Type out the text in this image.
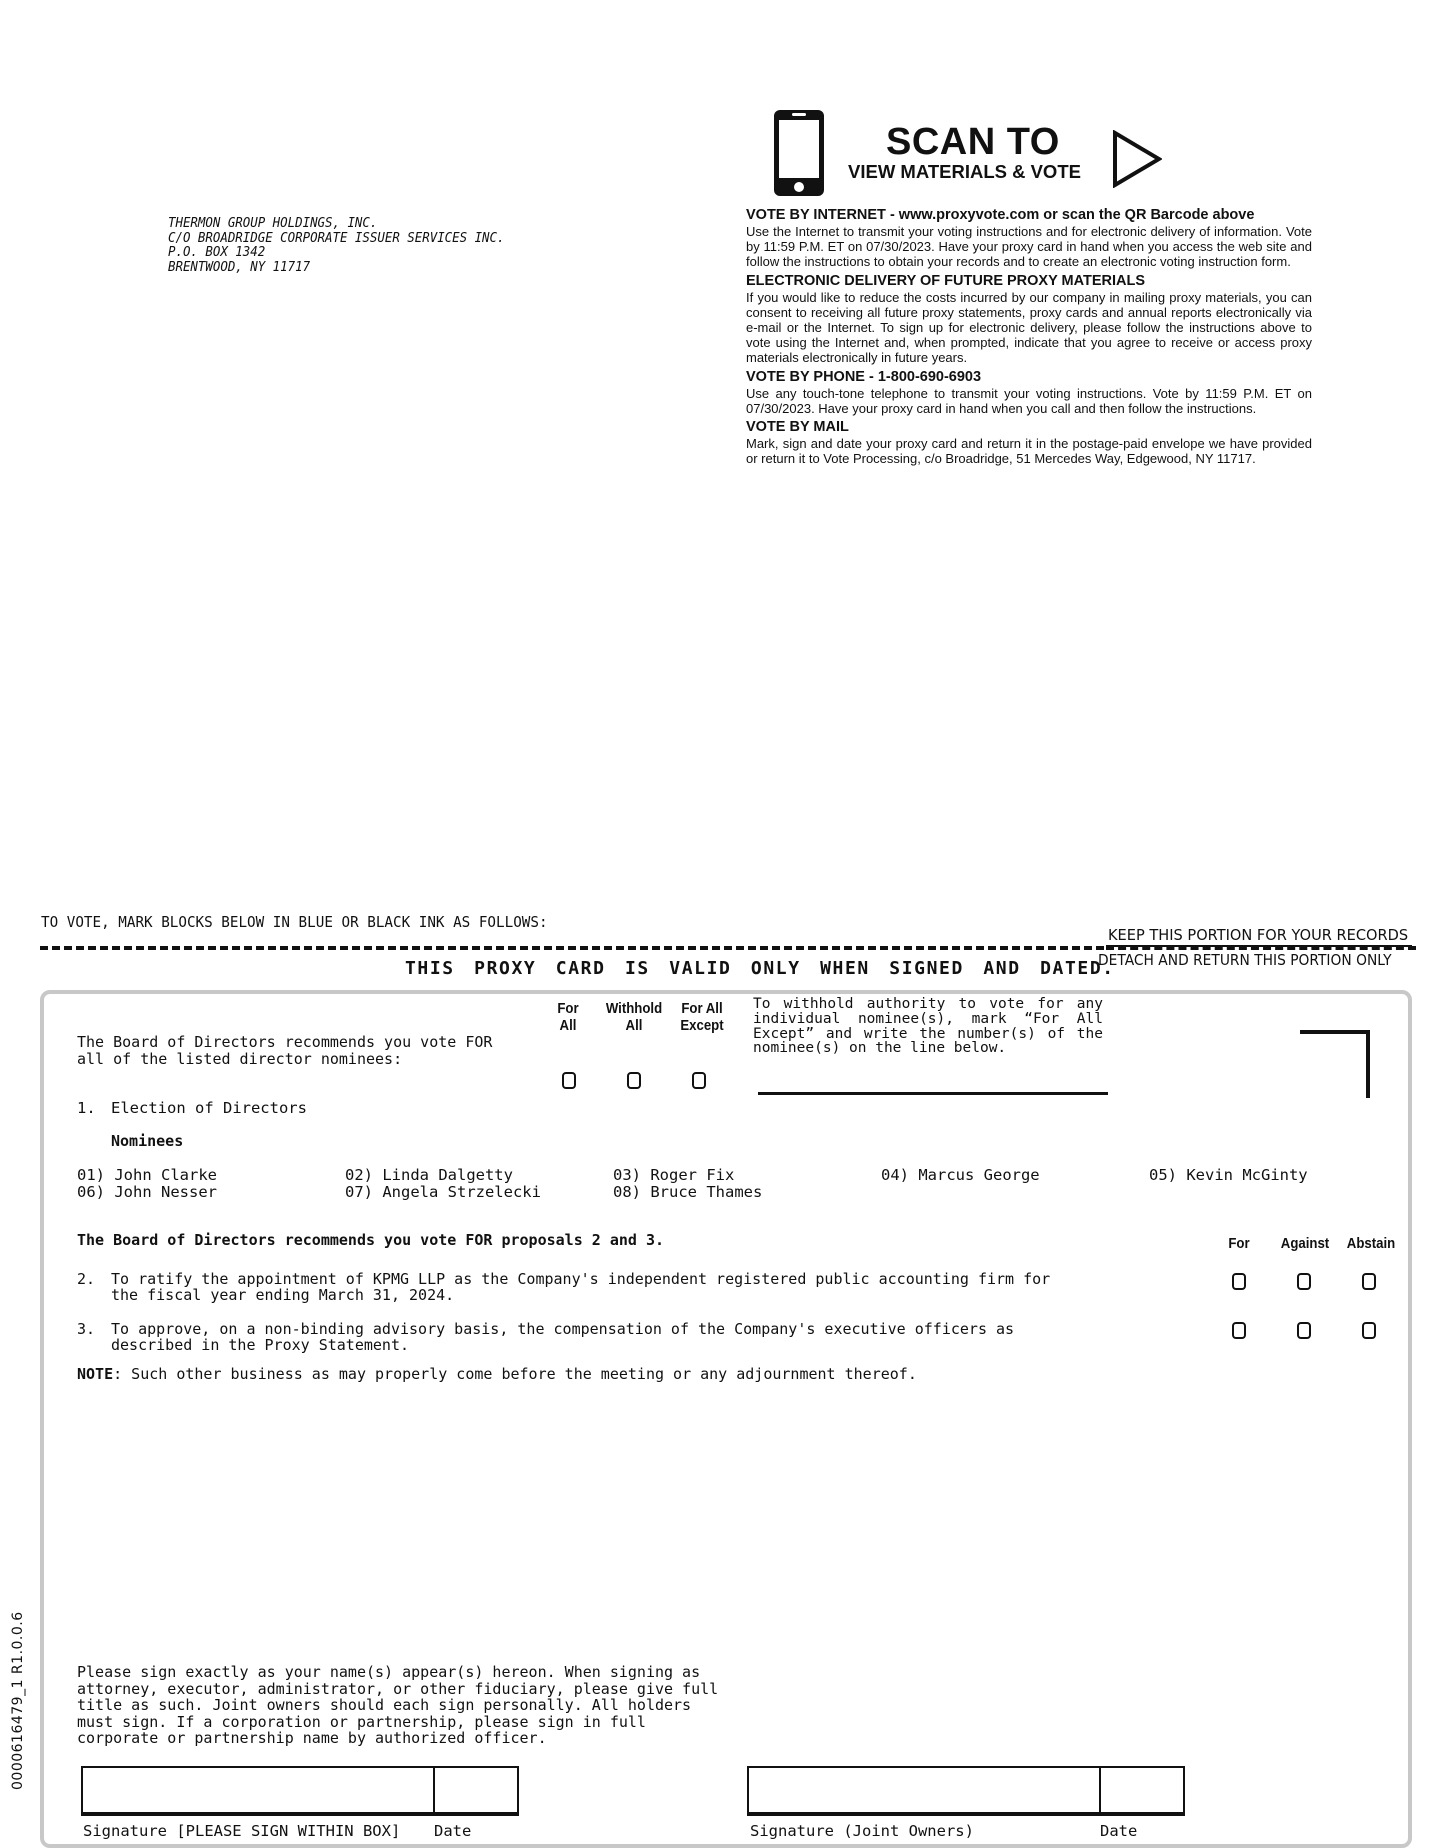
THERMON GROUP HOLDINGS, INC.
C/O BROADRIDGE CORPORATE ISSUER SERVICES INC.
P.O. BOX 1342
BRENTWOOD, NY 11717
SCAN TO
VIEW MATERIALS & VOTE
VOTE BY INTERNET - www.proxyvote.com or scan the QR Barcode above

Use the Internet to transmit your voting instructions and for electronic delivery of information. Vote by 11:59 P.M. ET on 07/30/2023. Have your proxy card in hand when you access the web site and follow the instructions to obtain your records and to create an electronic voting instruction form.

ELECTRONIC DELIVERY OF FUTURE PROXY MATERIALS

If you would like to reduce the costs incurred by our company in mailing proxy materials, you can consent to receiving all future proxy statements, proxy cards and annual reports electronically via e-mail or the Internet. To sign up for electronic delivery, please follow the instructions above to vote using the Internet and, when prompted, indicate that you agree to receive or access proxy materials electronically in future years.

VOTE BY PHONE - 1-800-690-6903

Use any touch-tone telephone to transmit your voting instructions. Vote by 11:59 P.M. ET on 07/30/2023. Have your proxy card in hand when you call and then follow the instructions.

VOTE BY MAIL

Mark, sign and date your proxy card and return it in the postage-paid envelope we have provided or return it to Vote Processing, c/o Broadridge, 51 Mercedes Way, Edgewood, NY 11717.

TO VOTE, MARK BLOCKS BELOW IN BLUE OR BLACK INK AS FOLLOWS:
KEEP THIS PORTION FOR YOUR RECORDS
DETACH AND RETURN THIS PORTION ONLY
THIS PROXY CARD IS VALID ONLY WHEN SIGNED AND DATED.
The Board of Directors recommends you vote FOR
all of the listed director nominees:
For
All
Withhold
All
For All
Except
To withhold authority to vote for any individual nominee(s), mark “For All Except” and write the number(s) of the nominee(s) on the line below.
1. Election of Directors
Nominees
01) John Clarke	02) Linda Dalgetty	03) Roger Fix	04) Marcus George	05) Kevin McGinty
06) John Nesser	07) Angela Strzelecki	08) Bruce Thames
The Board of Directors recommends you vote FOR proposals 2 and 3.	For	Against	Abstain
2. To ratify the appointment of KPMG LLP as the Company's independent registered public accounting firm for the fiscal year ending March 31, 2024.
3. To approve, on a non-binding advisory basis, the compensation of the Company's executive officers as described in the Proxy Statement.
NOTE: Such other business as may properly come before the meeting or any adjournment thereof.
Please sign exactly as your name(s) appear(s) hereon. When signing as attorney, executor, administrator, or other fiduciary, please give full title as such. Joint owners should each sign personally. All holders must sign. If a corporation or partnership, please sign in full corporate or partnership name by authorized officer.
Signature [PLEASE SIGN WITHIN BOX] Date	Signature (Joint Owners)	Date
0000616479_1 R1.0.0.6
